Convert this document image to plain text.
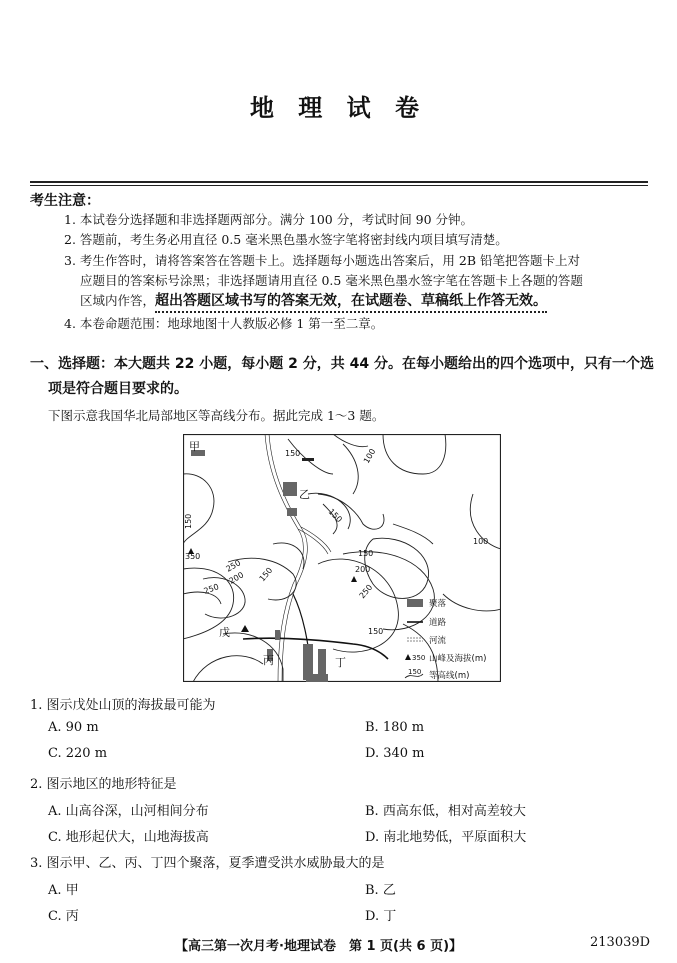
地 理 试 卷
考生注意：
1. 本试卷分选择题和非选择题两部分。满分 100 分，考试时间 90 分钟。
2. 答题前，考生务必用直径 0.5 毫米黑色墨水签字笔将密封线内项目填写清楚。
3. 考生作答时，请将答案答在答题卡上。选择题每小题选出答案后，用 2B 铅笔把答题卡上对
应题目的答案标号涂黑；非选择题请用直径 0.5 毫米黑色墨水签字笔在答题卡上各题的答题
区域内作答，超出答题区域书写的答案无效，在试题卷、草稿纸上作答无效。
4. 本卷命题范围：地球地图十人教版必修 1 第一至二章。
一、选择题：本大题共 22 小题，每小题 2 分，共 44 分。在每小题给出的四个选项中，只有一个选
项是符合题目要求的。
下图示意我国华北局部地区等高线分布。据此完成 1～3 题。
150	100
150
150
200
250
250
200
250
150
150
150
100
350
甲
乙
丙	丁
戊
聚落
道路
河流
350 山峰及海拔(m)
150 等高线(m)
1. 图示戊处山顶的海拔最可能为
A. 90 m	B. 180 m
C. 220 m	D. 340 m
2. 图示地区的地形特征是
A. 山高谷深，山河相间分布	B. 西高东低，相对高差较大
C. 地形起伏大，山地海拔高	D. 南北地势低，平原面积大
3. 图示甲、乙、丙、丁四个聚落，夏季遭受洪水威胁最大的是
A. 甲	B. 乙
C. 丙	D. 丁
【高三第一次月考·地理试卷　第 1 页(共 6 页)】	213039D
